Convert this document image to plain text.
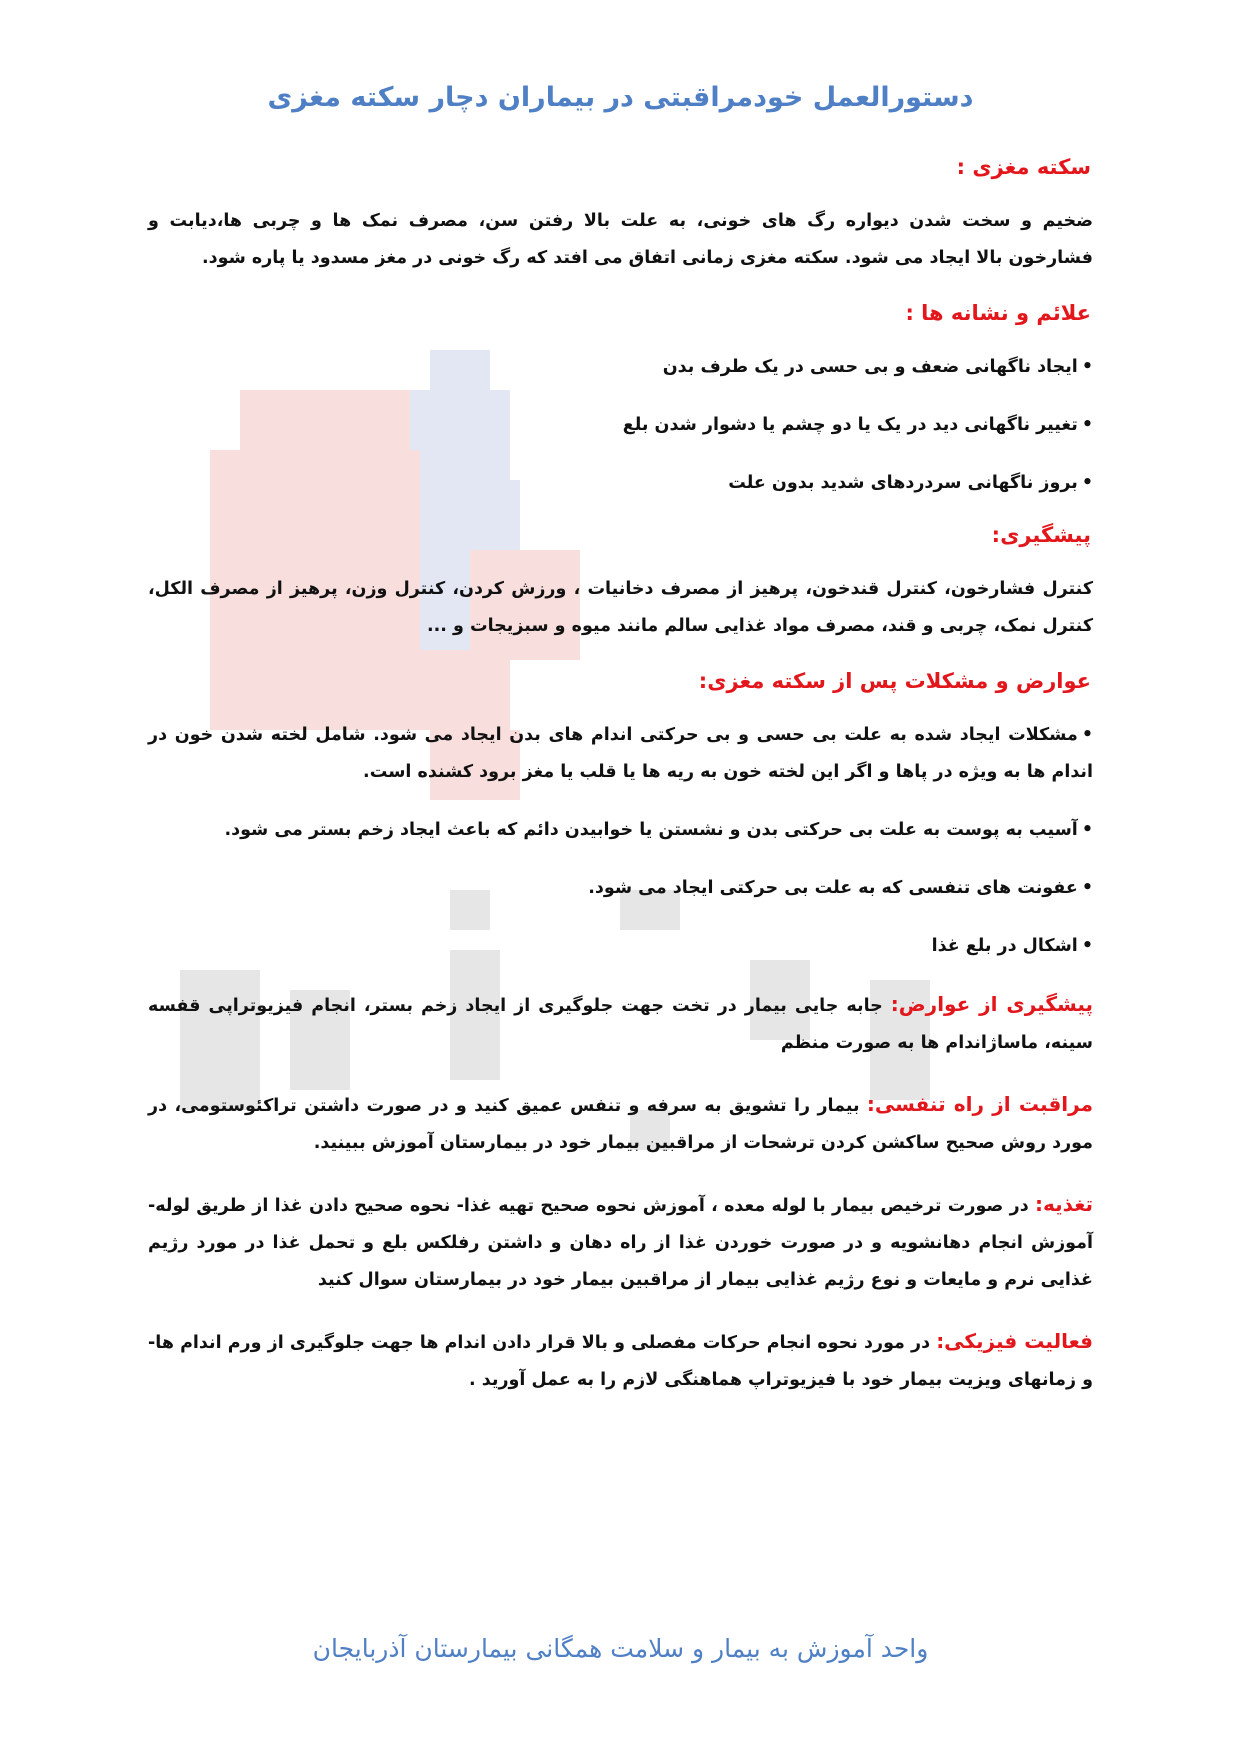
دستورالعمل خودمراقبتی در بیماران دچار سکته مغزی
سکته مغزی :
ضخیم و سخت شدن دیواره رگ های خونی، به علت بالا رفتن سن، مصرف نمک ها و چربی ها،دیابت و فشارخون بالا ایجاد می شود. سکته مغزی زمانی اتفاق می افتد که رگ خونی در مغز مسدود یا پاره شود.
علائم و نشانه ها :
•ایجاد ناگهانی ضعف و بی حسی در یک طرف بدن
•تغییر ناگهانی دید در یک یا دو چشم یا دشوار شدن بلع
•بروز ناگهانی سردردهای شدید بدون علت
پیشگیری:
کنترل فشارخون، کنترل قندخون، پرهیز از مصرف دخانیات ، ورزش کردن، کنترل وزن، پرهیز از مصرف الکل، کنترل نمک، چربی و قند، مصرف مواد غذایی سالم مانند میوه و سبزیجات و ...
عوارض و مشکلات پس از سکته مغزی:
•مشکلات ایجاد شده به علت بی حسی و بی حرکتی اندام های بدن ایجاد می شود. شامل لخته شدن خون در اندام ها به ویژه در پاها و اگر این لخته خون به ریه ها یا قلب یا مغز برود کشنده است.
•آسیب به پوست به علت بی حرکتی بدن و نشستن یا خوابیدن دائم که باعث ایجاد زخم بستر می شود.
•عفونت های تنفسی که به علت بی حرکتی ایجاد می شود.
•اشکال در بلع غذا
پیشگیری از عوارض: جابه جایی بیمار در تخت جهت جلوگیری از ایجاد زخم بستر، انجام فیزیوتراپی قفسه سینه، ماساژاندام ها به صورت منظم
مراقبت از راه تنفسی: بیمار را تشویق به سرفه و تنفس عمیق کنید و در صورت داشتن تراکئوستومی، در مورد روش صحیح ساکشن کردن ترشحات از مراقبین بیمار خود در بیمارستان آموزش ببینید.
تغذیه: در صورت ترخیص بیمار با لوله معده ، آموزش نحوه صحیح تهیه غذا- نحوه صحیح دادن غذا از طریق لوله- آموزش انجام دهانشویه و در صورت خوردن غذا از راه دهان و داشتن رفلکس بلع و تحمل غذا در مورد رژیم غذایی نرم و مایعات و نوع رژیم غذایی بیمار از مراقبین بیمار خود در بیمارستان سوال کنید
فعالیت فیزیکی: در مورد نحوه انجام حرکات مفصلی و بالا قرار دادن اندام ها جهت جلوگیری از ورم اندام ها- و زمانهای ویزیت بیمار خود با فیزیوتراپ هماهنگی لازم را به عمل آورید .
واحد آموزش به بیمار و سلامت همگانی بیمارستان آذربایجان
